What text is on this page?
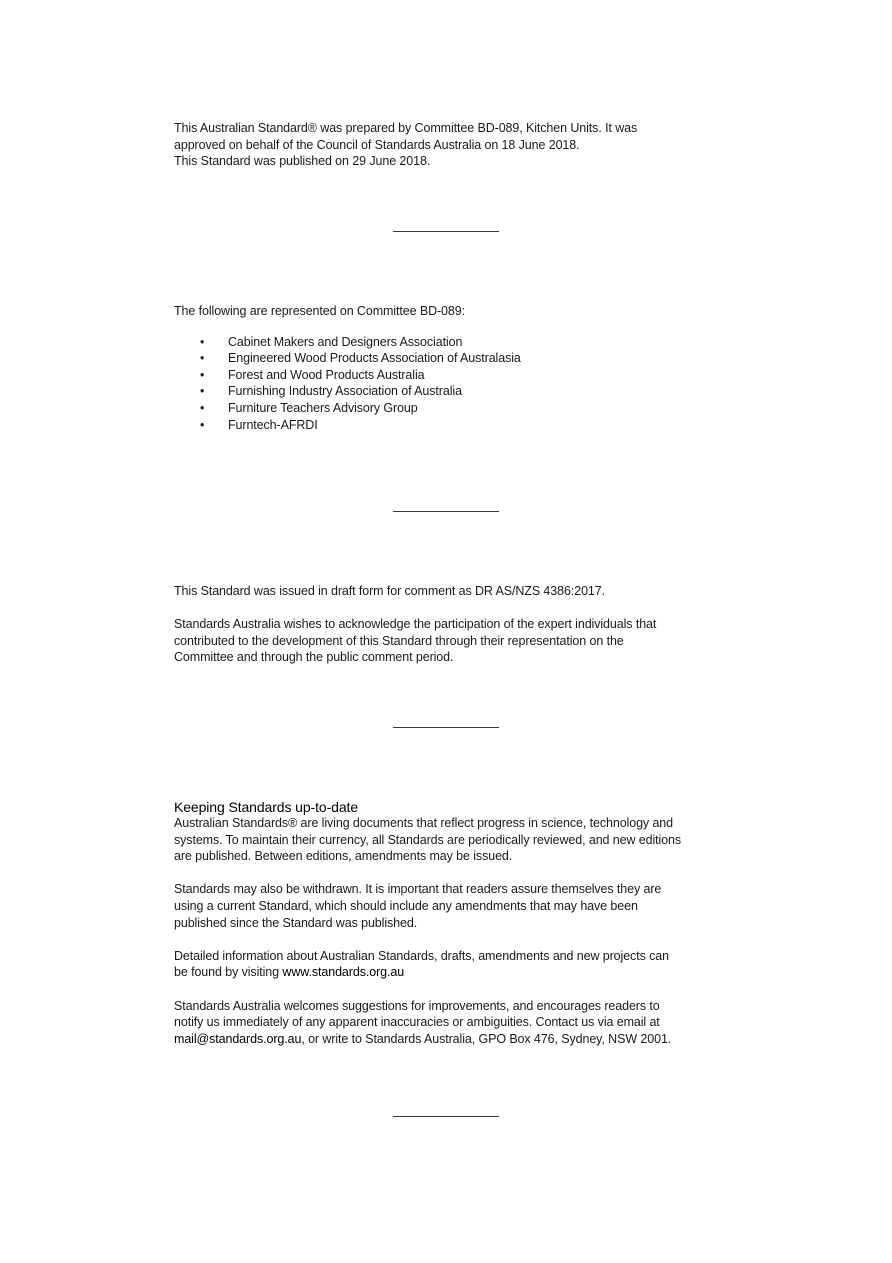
This Australian Standard® was prepared by Committee BD-089, Kitchen Units. It was
approved on behalf of the Council of Standards Australia on 18 June 2018.
This Standard was published on 29 June 2018.
The following are represented on Committee BD-089:
• Cabinet Makers and Designers Association
• Engineered Wood Products Association of Australasia
• Forest and Wood Products Australia
• Furnishing Industry Association of Australia
• Furniture Teachers Advisory Group
• Furntech-AFRDI

This Standard was issued in draft form for comment as DR AS/NZS 4386:2017.

Standards Australia wishes to acknowledge the participation of the expert individuals that
contributed to the development of this Standard through their representation on the
Committee and through the public comment period.

Keeping Standards up-to-date

Australian Standards® are living documents that reflect progress in science, technology and
systems. To maintain their currency, all Standards are periodically reviewed, and new editions
are published. Between editions, amendments may be issued.

Standards may also be withdrawn. It is important that readers assure themselves they are
using a current Standard, which should include any amendments that may have been
published since the Standard was published.

Detailed information about Australian Standards, drafts, amendments and new projects can
be found by visiting www.standards.org.au

Standards Australia welcomes suggestions for improvements, and encourages readers to
notify us immediately of any apparent inaccuracies or ambiguities. Contact us via email at
mail@standards.org.au, or write to Standards Australia, GPO Box 476, Sydney, NSW 2001.
